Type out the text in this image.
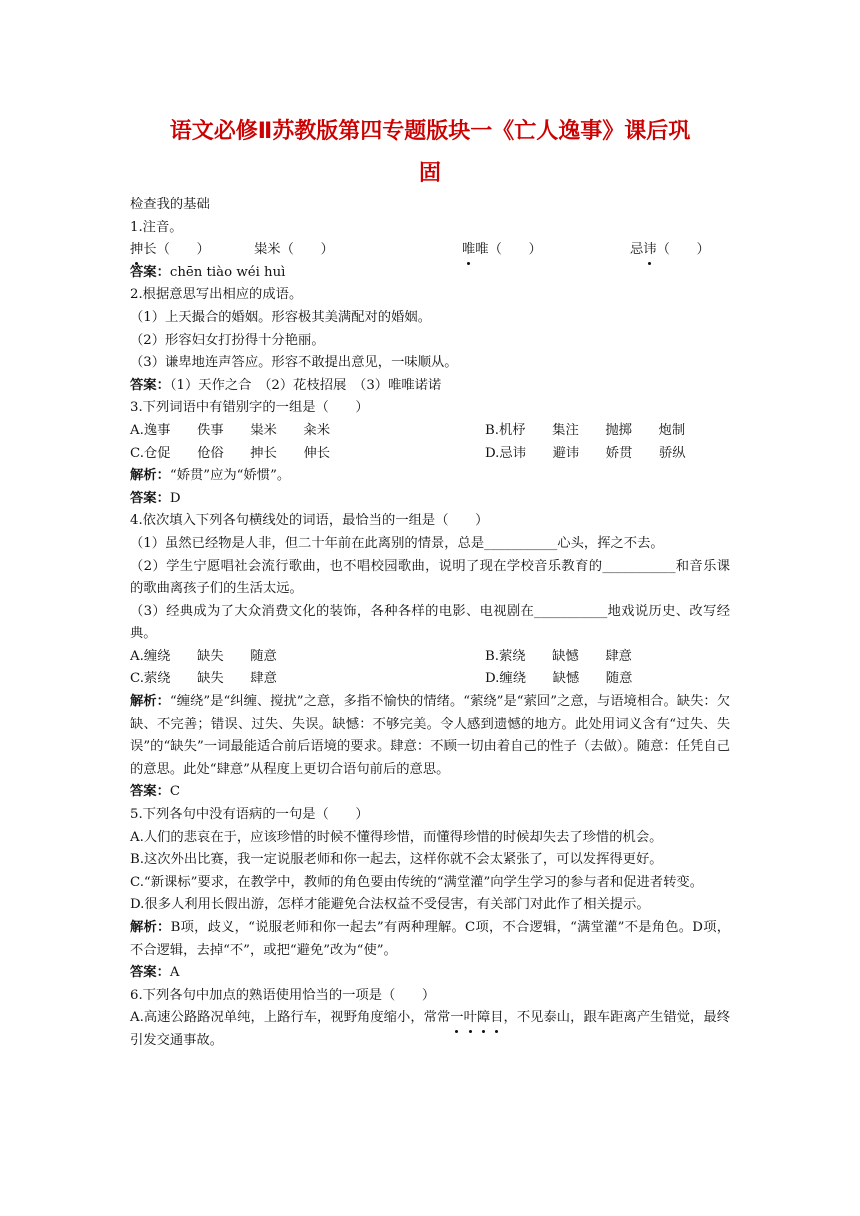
语文必修Ⅱ苏教版第四专题版块一《亡人逸事》课后巩
固
检查我的基础
1.注音。
抻长（　　）	粜米（　　）	唯唯（　　）	忌讳（　　）
答案：chēn tiào wéi huì
2.根据意思写出相应的成语。
（1）上天撮合的婚姻。形容极其美满配对的婚姻。
（2）形容妇女打扮得十分艳丽。
（3）谦卑地连声答应。形容不敢提出意见，一味顺从。
答案：（1）天作之合　（2）花枝招展　（3）唯唯诺诺
3.下列词语中有错别字的一组是（　　）
A.逸事　　佚事　　粜米　　籴米	B.机杼　　集注　　抛掷　　炮制
C.仓促　　伧俗　　抻长　　伸长	D.忌讳　　避讳　　娇贯　　骄纵
解析：“娇贯”应为“娇惯”。
答案：D
4.依次填入下列各句横线处的词语，最恰当的一组是（　　）
（1）虽然已经物是人非，但二十年前在此离别的情景，总是___________心头，挥之不去。
（2）学生宁愿唱社会流行歌曲，也不唱校园歌曲，说明了现在学校音乐教育的___________和音乐课的歌曲离孩子们的生活太远。
（3）经典成为了大众消费文化的装饰，各种各样的电影、电视剧在___________地戏说历史、改写经典。
A.缠绕　　缺失　　随意	B.萦绕　　缺憾　　肆意
C.萦绕　　缺失　　肆意	D.缠绕　　缺憾　　随意
解析：“缠绕”是“纠缠、搅扰”之意，多指不愉快的情绪。“萦绕”是“萦回”之意，与语境相合。缺失：欠缺、不完善；错误、过失、失误。缺憾：不够完美。令人感到遗憾的地方。此处用词义含有“过失、失误”的“缺失”一词最能适合前后语境的要求。肆意：不顾一切由着自己的性子（去做）。随意：任凭自己的意思。此处“肆意”从程度上更切合语句前后的意思。
答案：C
5.下列各句中没有语病的一句是（　　）
A.人们的悲哀在于，应该珍惜的时候不懂得珍惜，而懂得珍惜的时候却失去了珍惜的机会。
B.这次外出比赛，我一定说服老师和你一起去，这样你就不会太紧张了，可以发挥得更好。
C.“新课标”要求，在教学中，教师的角色要由传统的“满堂灌”向学生学习的参与者和促进者转变。
D.很多人利用长假出游，怎样才能避免合法权益不受侵害，有关部门对此作了相关提示。
解析：B项，歧义，“说服老师和你一起去”有两种理解。C项，不合逻辑，“满堂灌”不是角色。D项，不合逻辑，去掉“不”，或把“避免”改为“使”。
答案：A
6.下列各句中加点的熟语使用恰当的一项是（　　）
A.高速公路路况单纯，上路行车，视野角度缩小，常常一叶障目，不见泰山，跟车距离产生错觉，最终引发交通事故。
